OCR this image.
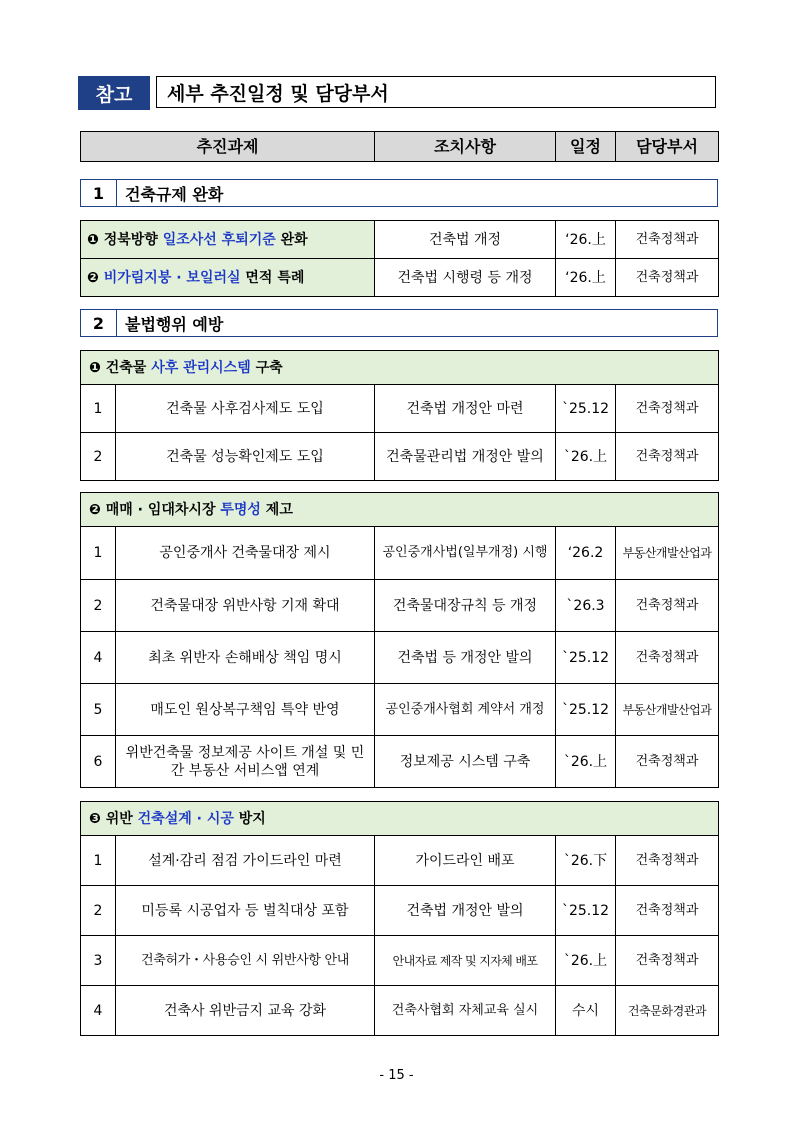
참고	세부 추진일정 및 담당부서
추진과제	조치사항	일정	담당부서
1	건축규제 완화
❶ 정북방향 일조사선 후퇴기준 완화	건축법 개정	‘26.上	건축정책과
❷ 비가림지붕 · 보일러실 면적 특례	건축법 시행령 등 개정	‘26.上	건축정책과
2	불법행위 예방
❶ 건축물 사후 관리시스템 구축				
1	건축물 사후검사제도 도입	건축법 개정안 마련	`25.12	건축정책과
2	건축물 성능확인제도 도입	건축물관리법 개정안 발의	`26.上	건축정책과
❷ 매매 · 임대차시장 투명성 제고				
1	공인중개사 건축물대장 제시	공인중개사법(일부개정) 시행	‘26.2	부동산개발산업과
2	건축물대장 위반사항 기재 확대	건축물대장규칙 등 개정	`26.3	건축정책과
4	최초 위반자 손해배상 책임 명시	건축법 등 개정안 발의	`25.12	건축정책과
5	매도인 원상복구책임 특약 반영	공인중개사협회 계약서 개정	`25.12	부동산개발산업과
6	위반건축물 정보제공 사이트 개설 및 민간 부동산 서비스앱 연계	정보제공 시스템 구축	`26.上	건축정책과
❸ 위반 건축설계 · 시공 방지				
1	설계·감리 점검 가이드라인 마련	가이드라인 배포	`26.下	건축정책과
2	미등록 시공업자 등 벌칙대상 포함	건축법 개정안 발의	`25.12	건축정책과
3	건축허가・사용승인 시 위반사항 안내	안내자료 제작 및 지자체 배포	`26.上	건축정책과
4	건축사 위반금지 교육 강화	건축사협회 자체교육 실시	수시	건축문화경관과
- 15 -
